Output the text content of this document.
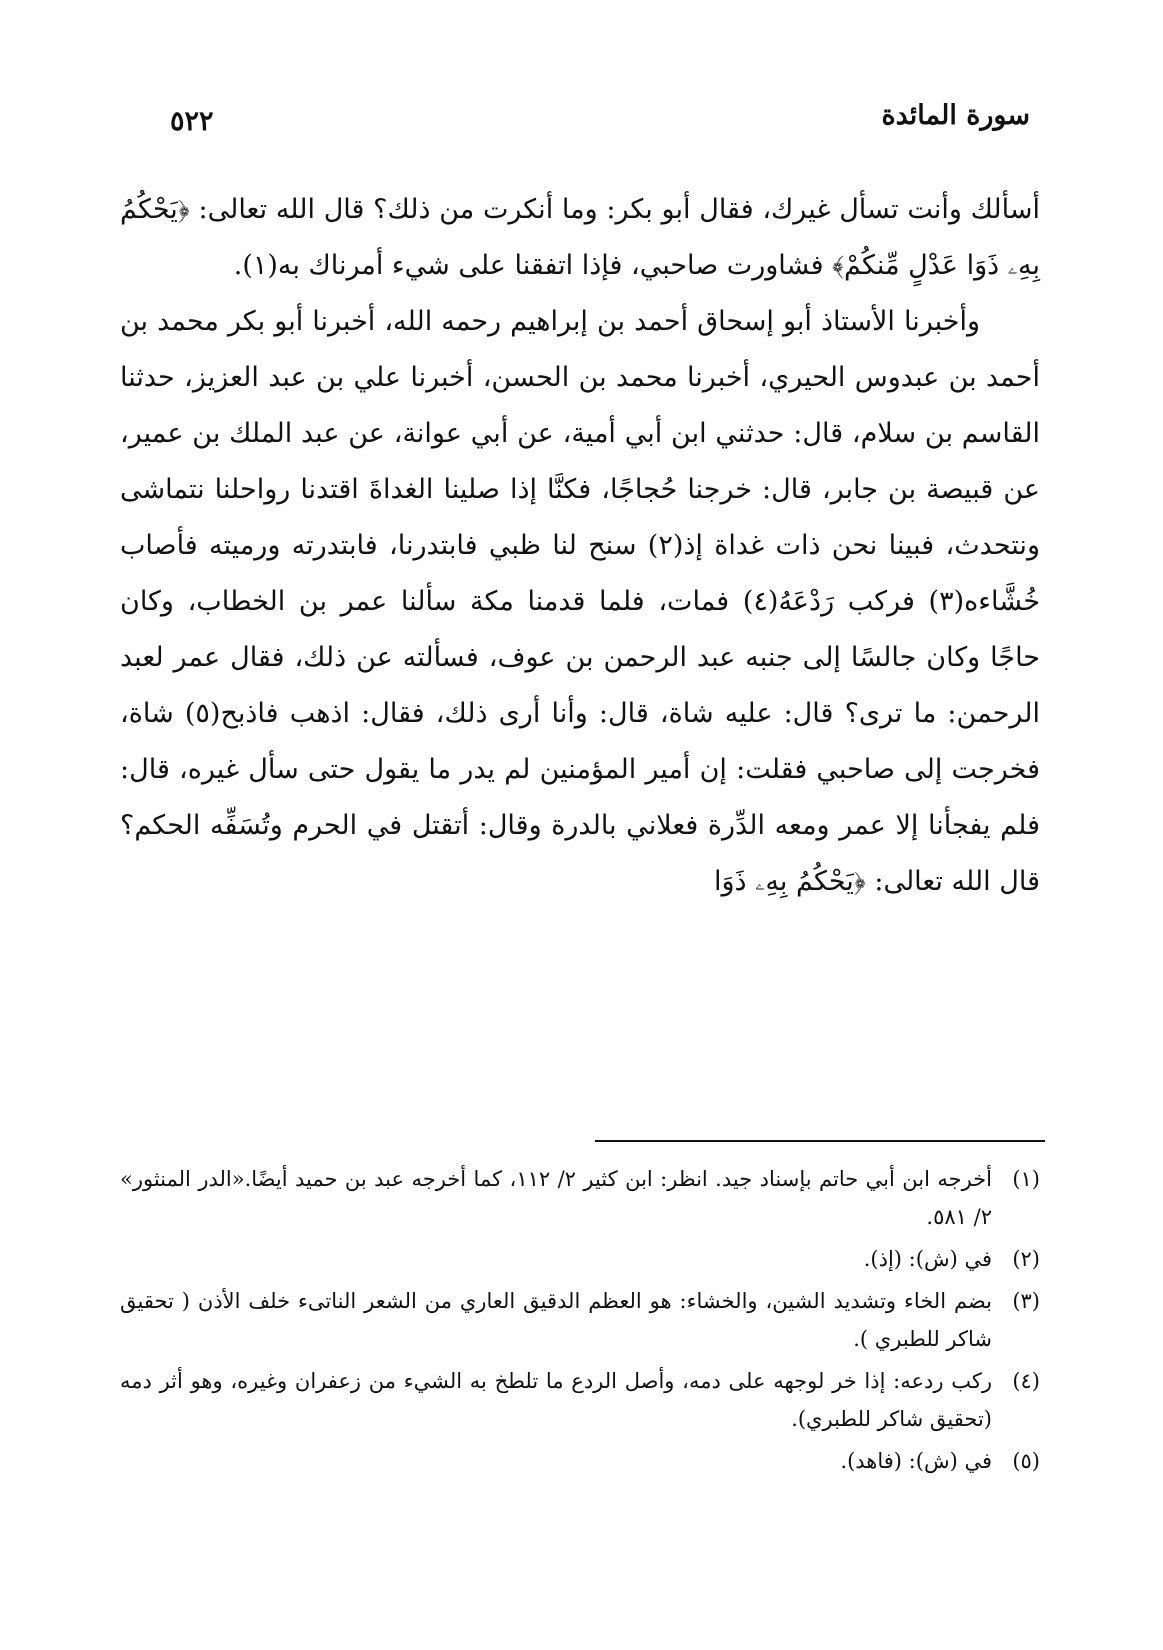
٥٢٢	سورة المائدة

أسألك وأنت تسأل غيرك، فقال أبو بكر: وما أنكرت من ذلك؟ قال الله تعالى: ﴿يَحْكُمُ بِهِۦ ذَوَا عَدْلٍ مِّنكُمْ﴾ فشاورت صاحبي، فإذا اتفقنا على شيء أمرناك به(١).

وأخبرنا الأستاذ أبو إسحاق أحمد بن إبراهيم رحمه الله، أخبرنا أبو بكر محمد بن أحمد بن عبدوس الحيري، أخبرنا محمد بن الحسن، أخبرنا علي بن عبد العزيز، حدثنا القاسم بن سلام، قال: حدثني ابن أبي أمية، عن أبي عوانة، عن عبد الملك بن عمير، عن قبيصة بن جابر، قال: خرجنا حُجاجًا، فكنَّا إذا صلينا الغداةَ اقتدنا رواحلنا نتماشى ونتحدث، فبينا نحن ذات غداة إذ(٢) سنح لنا ظبي فابتدرنا، فابتدرته ورميته فأصاب خُشَّاءه(٣) فركب رَدْعَهُ(٤) فمات، فلما قدمنا مكة سألنا عمر بن الخطاب، وكان حاجًا وكان جالسًا إلى جنبه عبد الرحمن بن عوف، فسألته عن ذلك، فقال عمر لعبد الرحمن: ما ترى؟ قال: عليه شاة، قال: وأنا أرى ذلك، فقال: اذهب فاذبح(٥) شاة، فخرجت إلى صاحبي فقلت: إن أمير المؤمنين لم يدر ما يقول حتى سأل غيره، قال: فلم يفجأنا إلا عمر ومعه الدِّرة فعلاني بالدرة وقال: أتقتل في الحرم وتُسَفِّه الحكم؟ قال الله تعالى: ﴿يَحْكُمُ بِهِۦ ذَوَا

(١)
أخرجه ابن أبي حاتم بإسناد جيد. انظر: ابن كثير ٢/ ١١٢، كما أخرجه عبد بن حميد أيضًا.«الدر المنثور» ٢/ ٥٨١.
(٢)
في (ش): (إذ).
(٣)
بضم الخاء وتشديد الشين، والخشاء: هو العظم الدقيق العاري من الشعر الناتىء خلف الأذن ( تحقيق شاكر للطبري ).
(٤)
ركب ردعه: إذا خر لوجهه على دمه، وأصل الردع ما تلطخ به الشيء من زعفران وغيره، وهو أثر دمه (تحقيق شاكر للطبري).
(٥)
في (ش): (فاهد).
